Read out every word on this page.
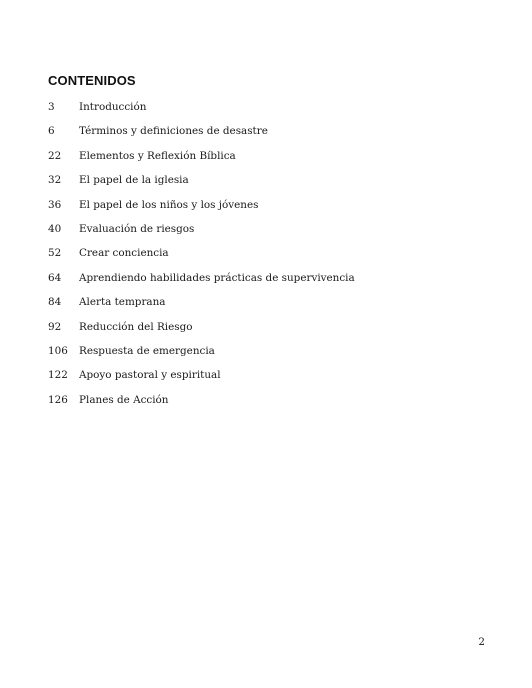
CONTENIDOS
3	Introducción
6	Términos y definiciones de desastre
22	Elementos y Reflexión Bíblica
32	El papel de la iglesia
36	El papel de los niños y los jóvenes
40	Evaluación de riesgos
52	Crear conciencia
64	Aprendiendo habilidades prácticas de supervivencia
84	Alerta temprana
92	Reducción del Riesgo
106	Respuesta de emergencia
122	Apoyo pastoral y espiritual
126	Planes de Acción
2
